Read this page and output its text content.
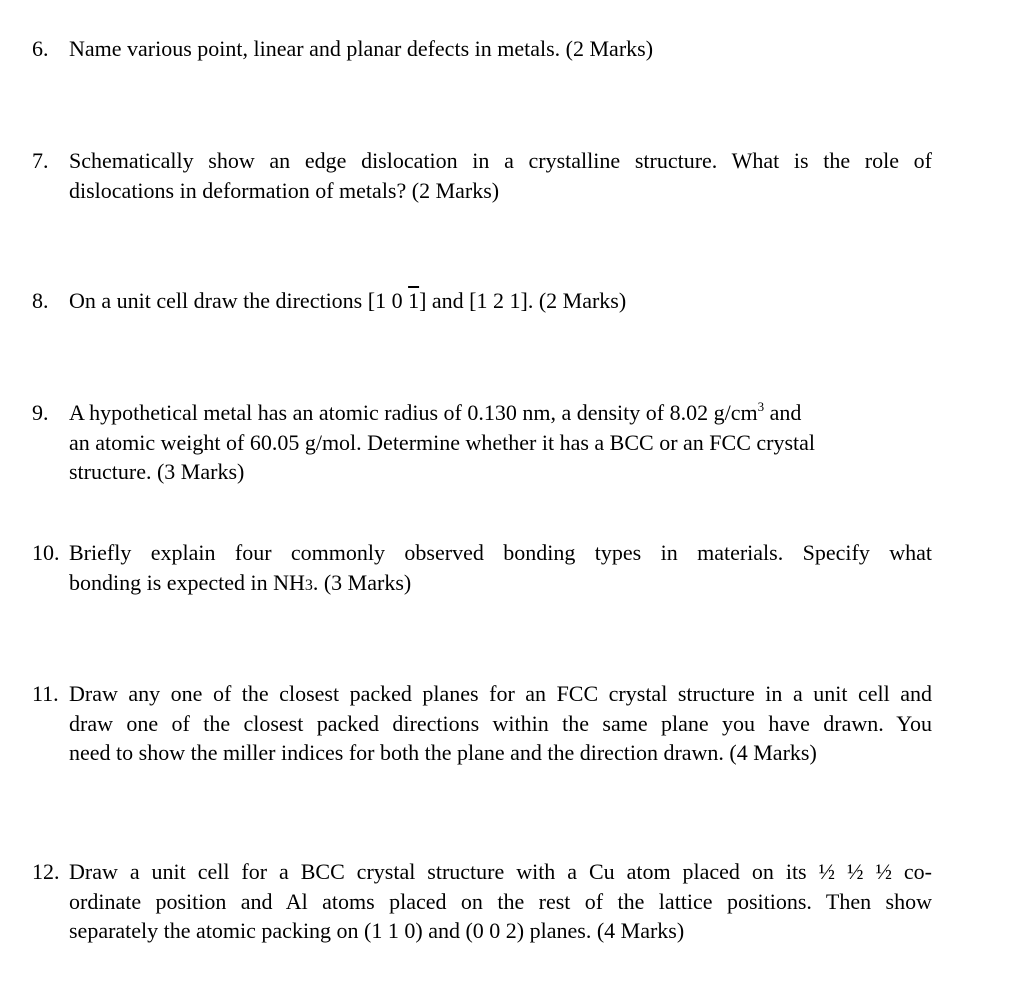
6. Name various point, linear and planar defects in metals. (2 Marks)
7. Schematically show an edge dislocation in a crystalline structure. What is the role of
dislocations in deformation of metals? (2 Marks)
8. On a unit cell draw the directions [1 0 1] and [1 2 1]. (2 Marks)
9. A hypothetical metal has an atomic radius of 0.130 nm, a density of 8.02 $g/cm^3$ and
an atomic weight of 60.05 g/mol. Determine whether it has a BCC or an FCC crystal
structure. (3 Marks)
10. Briefly explain four commonly observed bonding types in materials. Specify what
bonding is expected in NH3. (3 Marks)
11. Draw any one of the closest packed planes for an FCC crystal structure in a unit cell and
draw one of the closest packed directions within the same plane you have drawn. You
need to show the miller indices for both the plane and the direction drawn. (4 Marks)
12. Draw a unit cell for a BCC crystal structure with a Cu atom placed on its ½ ½ ½ co-
ordinate position and Al atoms placed on the rest of the lattice positions. Then show
separately the atomic packing on (1 1 0) and (0 0 2) planes. (4 Marks)
